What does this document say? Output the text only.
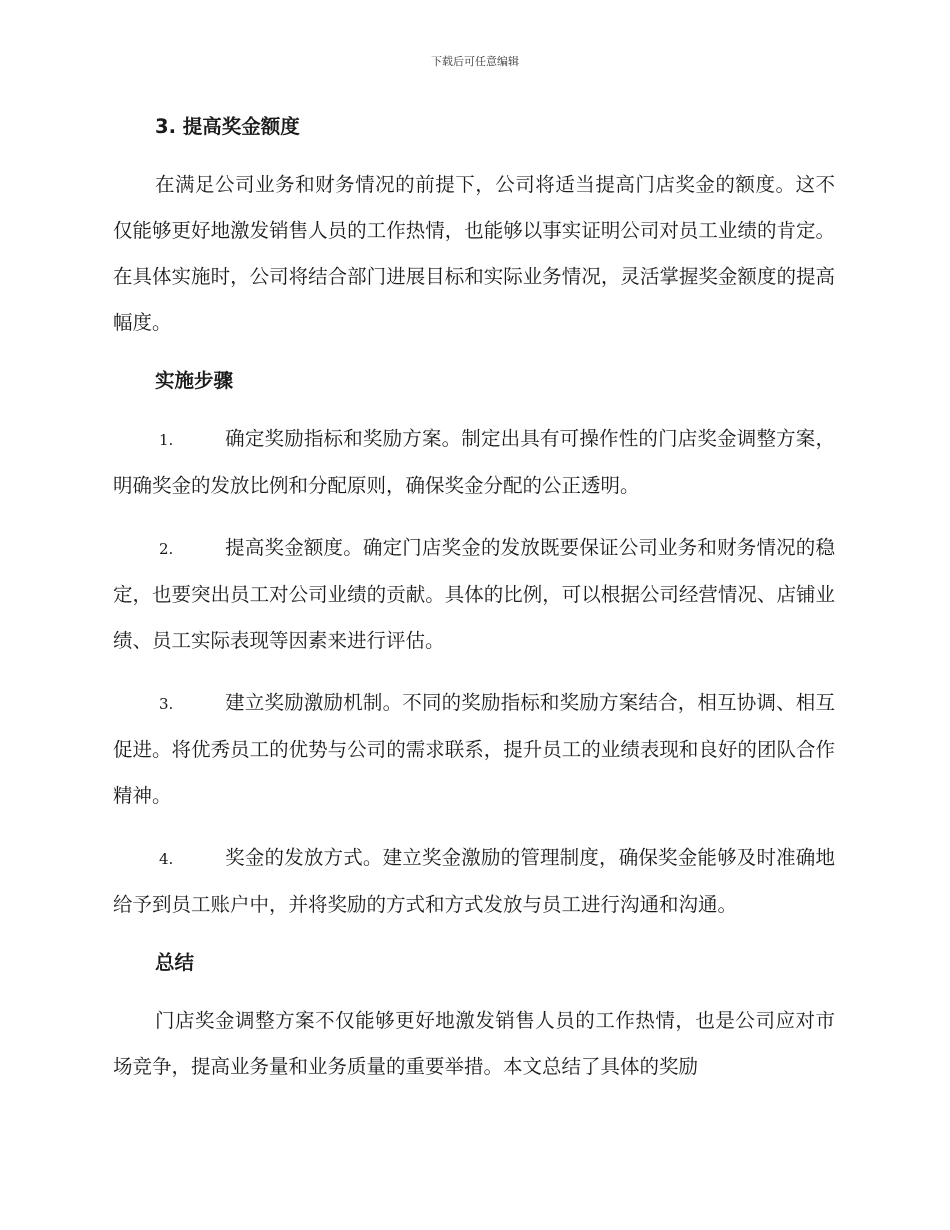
下载后可任意编辑
3. 提高奖金额度

在满足公司业务和财务情况的前提下，公司将适当提高门店奖金的额度。这不仅能够更好地激发销售人员的工作热情，也能够以事实证明公司对员工业绩的肯定。在具体实施时，公司将结合部门进展目标和实际业务情况，灵活掌握奖金额度的提高幅度。

实施步骤

1.	确定奖励指标和奖励方案。制定出具有可操作性的门店奖金调整方案，明确奖金的发放比例和分配原则，确保奖金分配的公正透明。

2.	提高奖金额度。确定门店奖金的发放既要保证公司业务和财务情况的稳定，也要突出员工对公司业绩的贡献。具体的比例，可以根据公司经营情况、店铺业绩、员工实际表现等因素来进行评估。

3.	建立奖励激励机制。不同的奖励指标和奖励方案结合，相互协调、相互促进。将优秀员工的优势与公司的需求联系，提升员工的业绩表现和良好的团队合作精神。

4.	奖金的发放方式。建立奖金激励的管理制度，确保奖金能够及时准确地给予到员工账户中，并将奖励的方式和方式发放与员工进行沟通和沟通。

总结

门店奖金调整方案不仅能够更好地激发销售人员的工作热情，也是公司应对市场竞争，提高业务量和业务质量的重要举措。本文总结了具体的奖励
